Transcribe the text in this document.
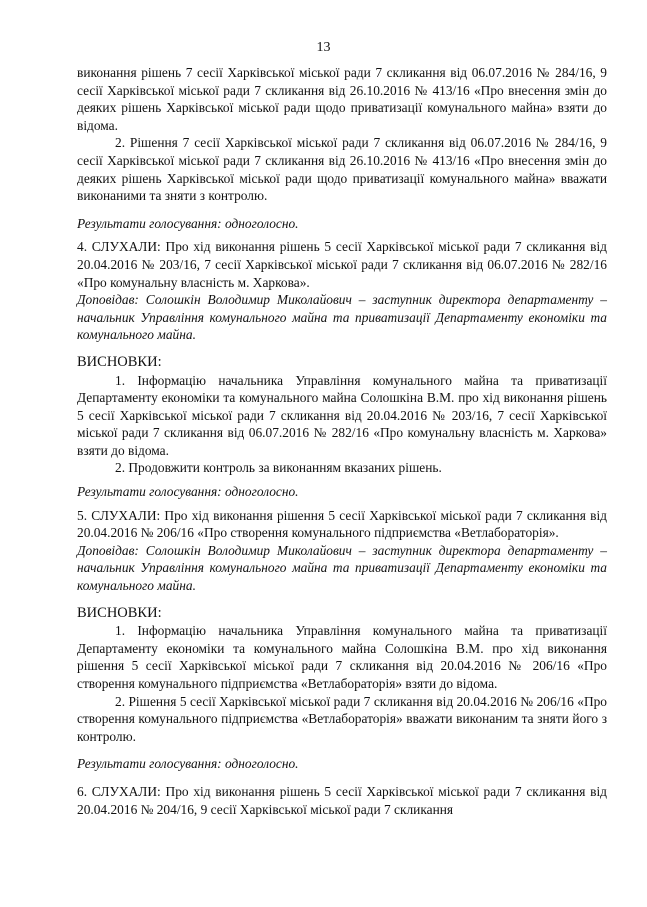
13

виконання рішень 7 сесії Харківської міської ради 7 скликання від 06.07.2016 № 284/16, 9 сесії Харківської міської ради 7 скликання від 26.10.2016 № 413/16 «Про внесення змін до деяких рішень Харківської міської ради щодо приватизації комунального майна» взяти до відома.

2. Рішення 7 сесії Харківської міської ради 7 скликання від 06.07.2016 № 284/16, 9 сесії Харківської міської ради 7 скликання від 26.10.2016 № 413/16 «Про внесення змін до деяких рішень Харківської міської ради щодо приватизації комунального майна» вважати виконаними та зняти з контролю.

Результати голосування: одноголосно.

4. СЛУХАЛИ: Про хід виконання рішень 5 сесії Харківської міської ради 7 скликання від 20.04.2016 № 203/16, 7 сесії Харківської міської ради 7 скликання від 06.07.2016 № 282/16 «Про комунальну власність м. Харкова».

Доповідав: Солошкін Володимир Миколайович – заступник директора департаменту – начальник Управління комунального майна та приватизації Департаменту економіки та комунального майна.

ВИСНОВКИ:

1. Інформацію начальника Управління комунального майна та приватизації Департаменту економіки та комунального майна Солошкіна В.М. про хід виконання рішень 5 сесії Харківської міської ради 7 скликання від 20.04.2016 № 203/16, 7 сесії Харківської міської ради 7 скликання від 06.07.2016 № 282/16 «Про комунальну власність м. Харкова» взяти до відома.

2. Продовжити контроль за виконанням вказаних рішень.

Результати голосування: одноголосно.

5. СЛУХАЛИ: Про хід виконання рішення 5 сесії Харківської міської ради 7 скликання від 20.04.2016 № 206/16 «Про створення комунального підприємства «Ветлабораторія».

Доповідав: Солошкін Володимир Миколайович – заступник директора департаменту – начальник Управління комунального майна та приватизації Департаменту економіки та комунального майна.

ВИСНОВКИ:

1. Інформацію начальника Управління комунального майна та приватизації Департаменту економіки та комунального майна Солошкіна В.М. про хід виконання рішення 5 сесії Харківської міської ради 7 скликання від 20.04.2016 № 206/16 «Про створення комунального підприємства «Ветлабораторія» взяти до відома.

2. Рішення 5 сесії Харківської міської ради 7 скликання від 20.04.2016 № 206/16 «Про створення комунального підприємства «Ветлабораторія» вважати виконаним та зняти його з контролю.

Результати голосування: одноголосно.

6. СЛУХАЛИ: Про хід виконання рішень 5 сесії Харківської міської ради 7 скликання від 20.04.2016 № 204/16, 9 сесії Харківської міської ради 7 скликання
